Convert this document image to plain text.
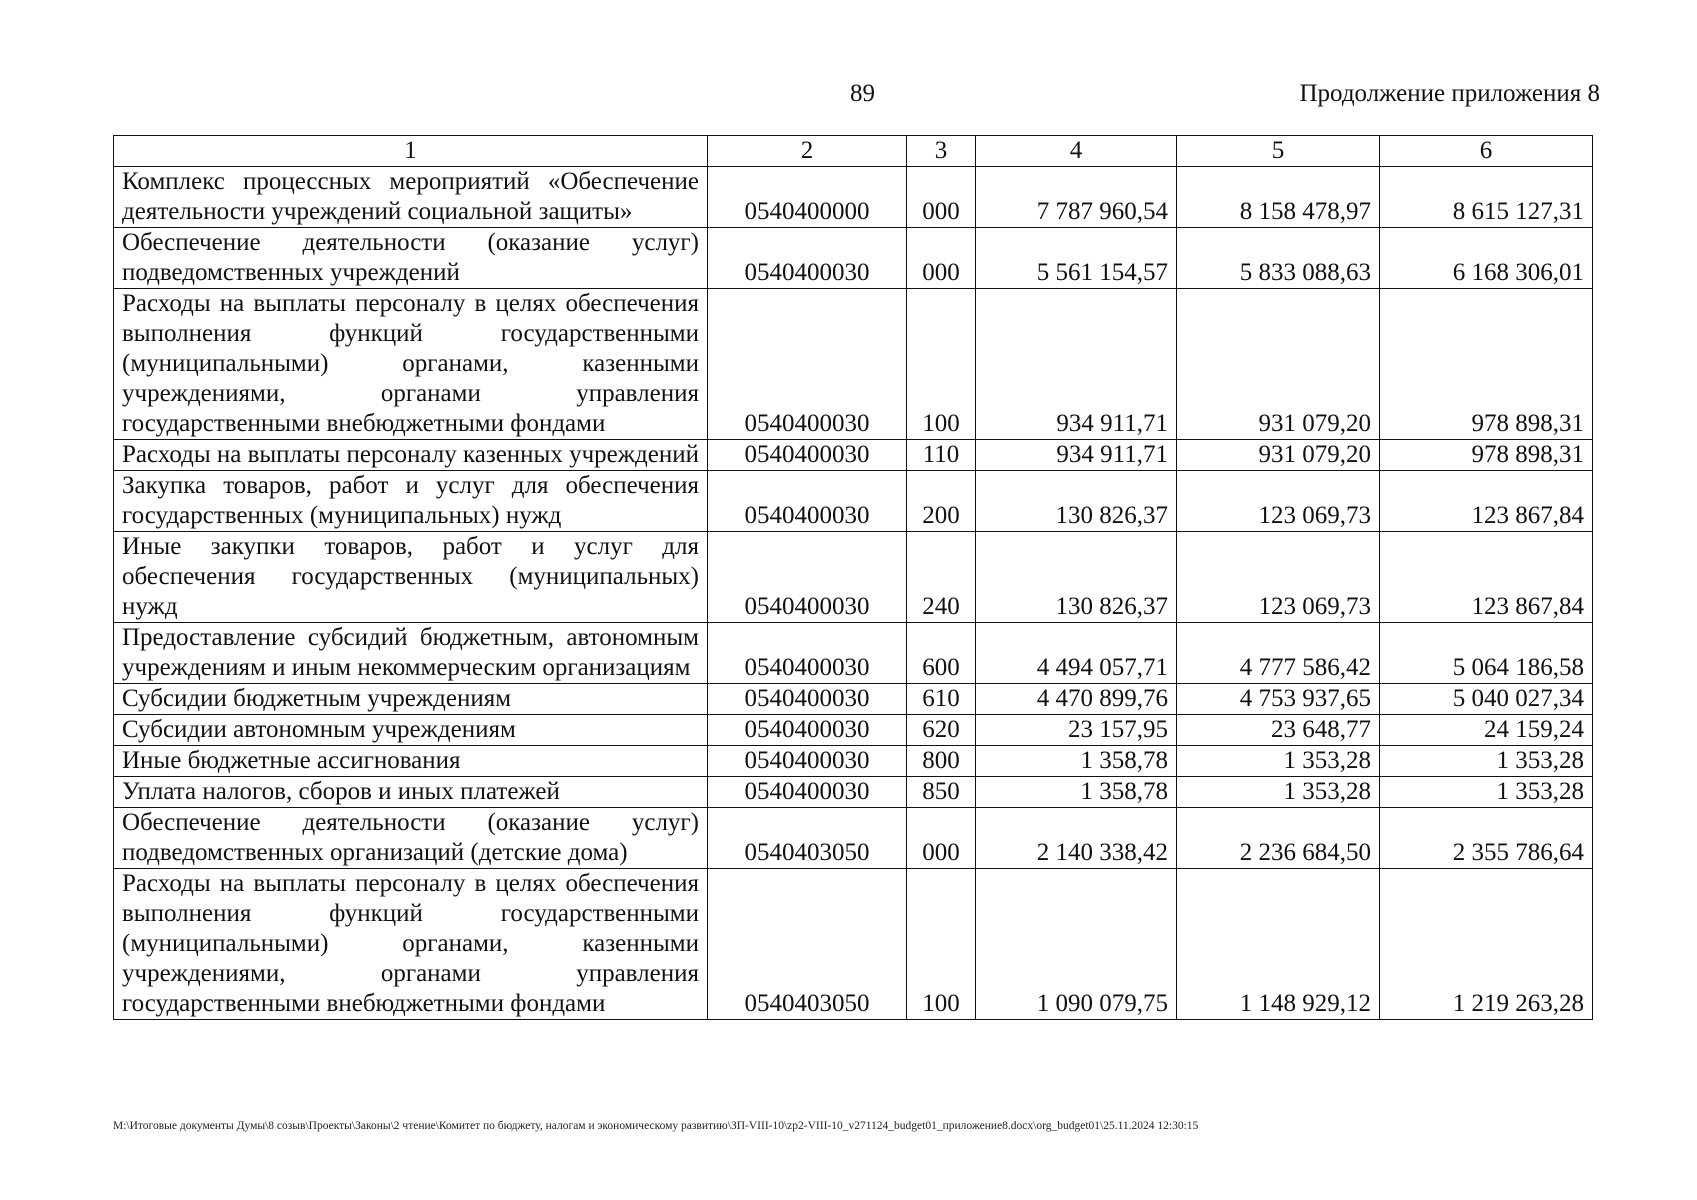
89	Продолжение приложения 8
1	2	3	4	5	6
Комплекс процессных мероприятий «Обеспечение деятельности учреждений социальной защиты»	0540400000	000	7 787 960,54	8 158 478,97	8 615 127,31
Обеспечение деятельности (оказание услуг) подведомственных учреждений	0540400030	000	5 561 154,57	5 833 088,63	6 168 306,01
Расходы на выплаты персоналу в целях обеспечения выполнения функций государственными (муниципальными) органами, казенными учреждениями, органами управления государственными внебюджетными фондами	0540400030	100	934 911,71	931 079,20	978 898,31
Расходы на выплаты персоналу казенных учреждений	0540400030	110	934 911,71	931 079,20	978 898,31
Закупка товаров, работ и услуг для обеспечения государственных (муниципальных) нужд	0540400030	200	130 826,37	123 069,73	123 867,84
Иные закупки товаров, работ и услуг для обеспечения государственных (муниципальных) нужд	0540400030	240	130 826,37	123 069,73	123 867,84
Предоставление субсидий бюджетным, автономным учреждениям и иным некоммерческим организациям	0540400030	600	4 494 057,71	4 777 586,42	5 064 186,58
Субсидии бюджетным учреждениям	0540400030	610	4 470 899,76	4 753 937,65	5 040 027,34
Субсидии автономным учреждениям	0540400030	620	23 157,95	23 648,77	24 159,24
Иные бюджетные ассигнования	0540400030	800	1 358,78	1 353,28	1 353,28
Уплата налогов, сборов и иных платежей	0540400030	850	1 358,78	1 353,28	1 353,28
Обеспечение деятельности (оказание услуг) подведомственных организаций (детские дома)	0540403050	000	2 140 338,42	2 236 684,50	2 355 786,64
Расходы на выплаты персоналу в целях обеспечения выполнения функций государственными (муниципальными) органами, казенными учреждениями, органами управления государственными внебюджетными фондами	0540403050	100	1 090 079,75	1 148 929,12	1 219 263,28
M:\Итоговые документы Думы\8 созыв\Проекты\Законы\2 чтение\Комитет по бюджету, налогам и экономическому развитию\ЗП-VIII-10\zp2-VIII-10_v271124_budget01_приложение8.docx\org_budget01\25.11.2024 12:30:15
